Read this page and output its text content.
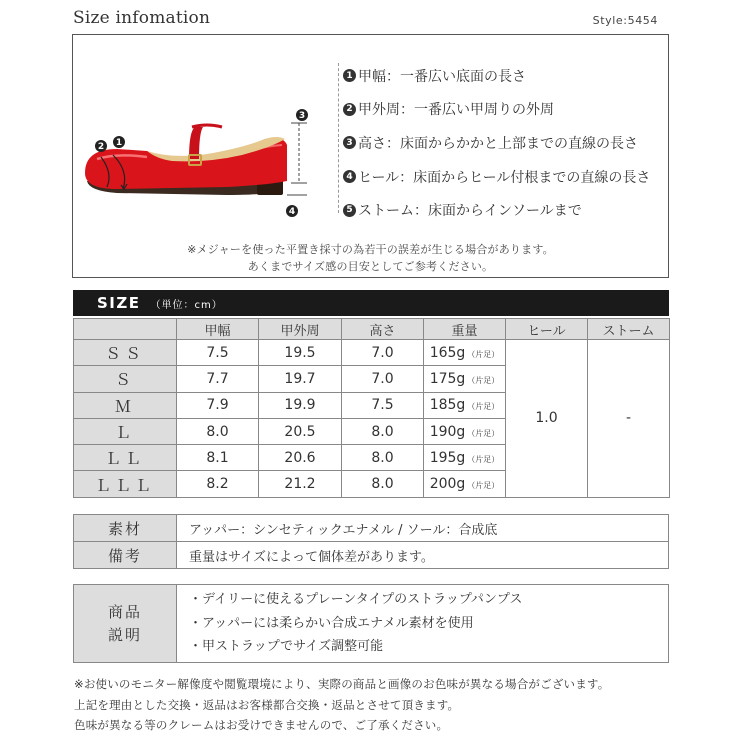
Size infomation	Style:5454
2 1
3
4
1 甲幅：一番広い底面の長さ
2 甲外周：一番広い甲周りの外周
3 高さ：床面からかかと上部までの直線の長さ
4 ヒール：床面からヒール付根までの直線の長さ
5 ストーム：床面からインソールまで
※メジャーを使った平置き採寸の為若干の誤差が生じる場合があります。
あくまでサイズ感の目安としてご参考ください。
SIZE （単位：cm）
	甲幅	甲外周	高さ	重量	ヒール	ストーム
ＳＳ	7.5	19.5	7.0	165g （片足）	1.0	-
Ｓ	7.7	19.7	7.0	175g （片足）		
Ｍ	7.9	19.9	7.5	185g （片足）		
Ｌ	8.0	20.5	8.0	190g （片足）		
ＬＬ	8.1	20.6	8.0	195g （片足）		
ＬＬＬ	8.2	21.2	8.0	200g （片足）		
素材	アッパー：シンセティックエナメル / ソール：合成底
備考	重量はサイズによって個体差があります。
商品
説明

・デイリーに使えるプレーンタイプのストラップパンプス
・アッパーには柔らかい合成エナメル素材を使用
・甲ストラップでサイズ調整可能
※お使いのモニター解像度や閲覧環境により、実際の商品と画像のお色味が異なる場合がございます。
上記を理由とした交換・返品はお客様都合交換・返品とさせて頂きます。
色味が異なる等のクレームはお受けできませんので、ご了承ください。
